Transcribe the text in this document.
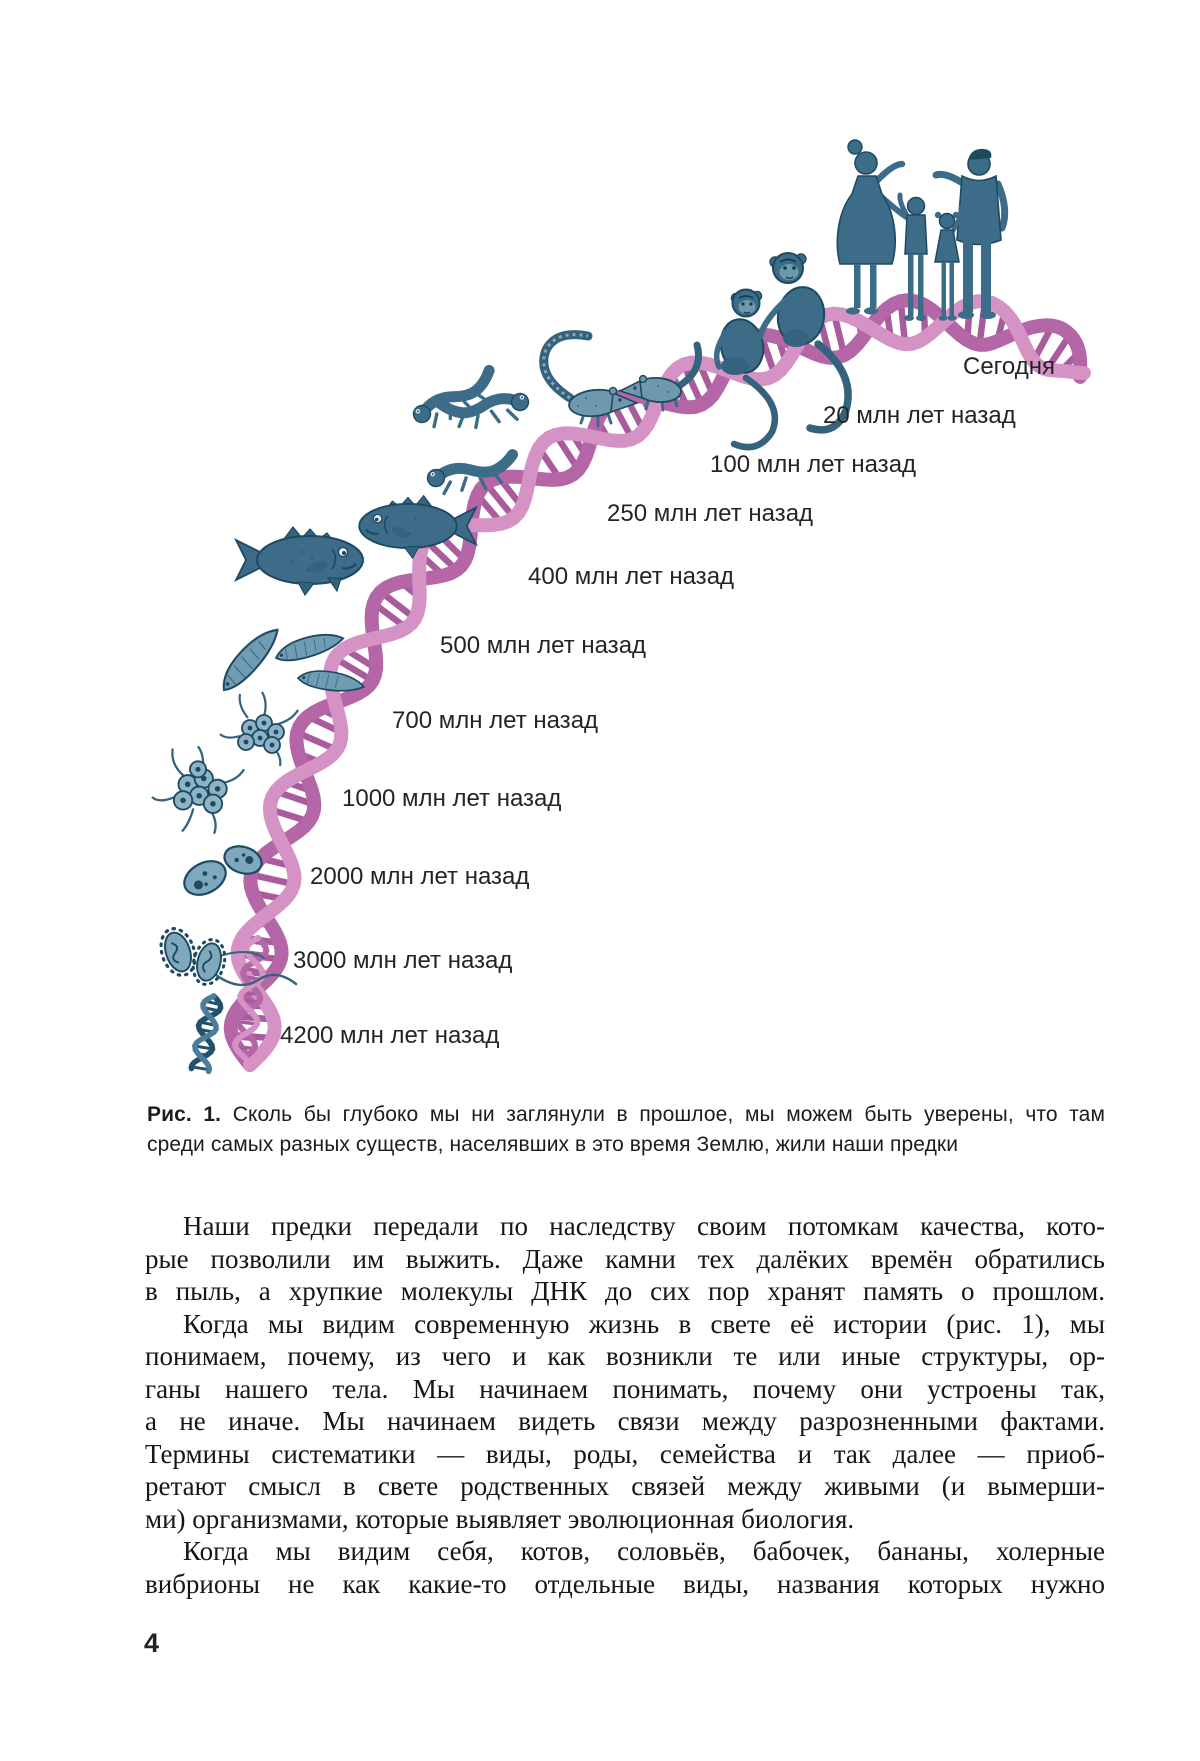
Сегодня
20 млн лет назад
100 млн лет назад
250 млн лет назад
400 млн лет назад
500 млн лет назад
700 млн лет назад
1000 млн лет назад
2000 млн лет назад
3000 млн лет назад
4200 млн лет назад
Рис. 1. Сколь бы глубоко мы ни заглянули в прошлое, мы можем быть уверены, что там
среди самых разных существ, населявших в это время Землю, жили наши предки
Наши предки передали по наследству своим потомкам качества, кото-
рые позволили им выжить. Даже камни тех далёких времён обратились
в пыль, а хрупкие молекулы ДНК до сих пор хранят память о прошлом.
Когда мы видим современную жизнь в свете её истории (рис. 1), мы
понимаем, почему, из чего и как возникли те или иные структуры, ор-
ганы нашего тела. Мы начинаем понимать, почему они устроены так,
а не иначе. Мы начинаем видеть связи между разрозненными фактами.
Термины систематики — виды, роды, семейства и так далее — приоб-
ретают смысл в свете родственных связей между живыми (и вымерши-
ми) организмами, которые выявляет эволюционная биология.
Когда мы видим себя, котов, соловьёв, бабочек, бананы, холерные
вибрионы не как какие-то отдельные виды, названия которых нужно
4
